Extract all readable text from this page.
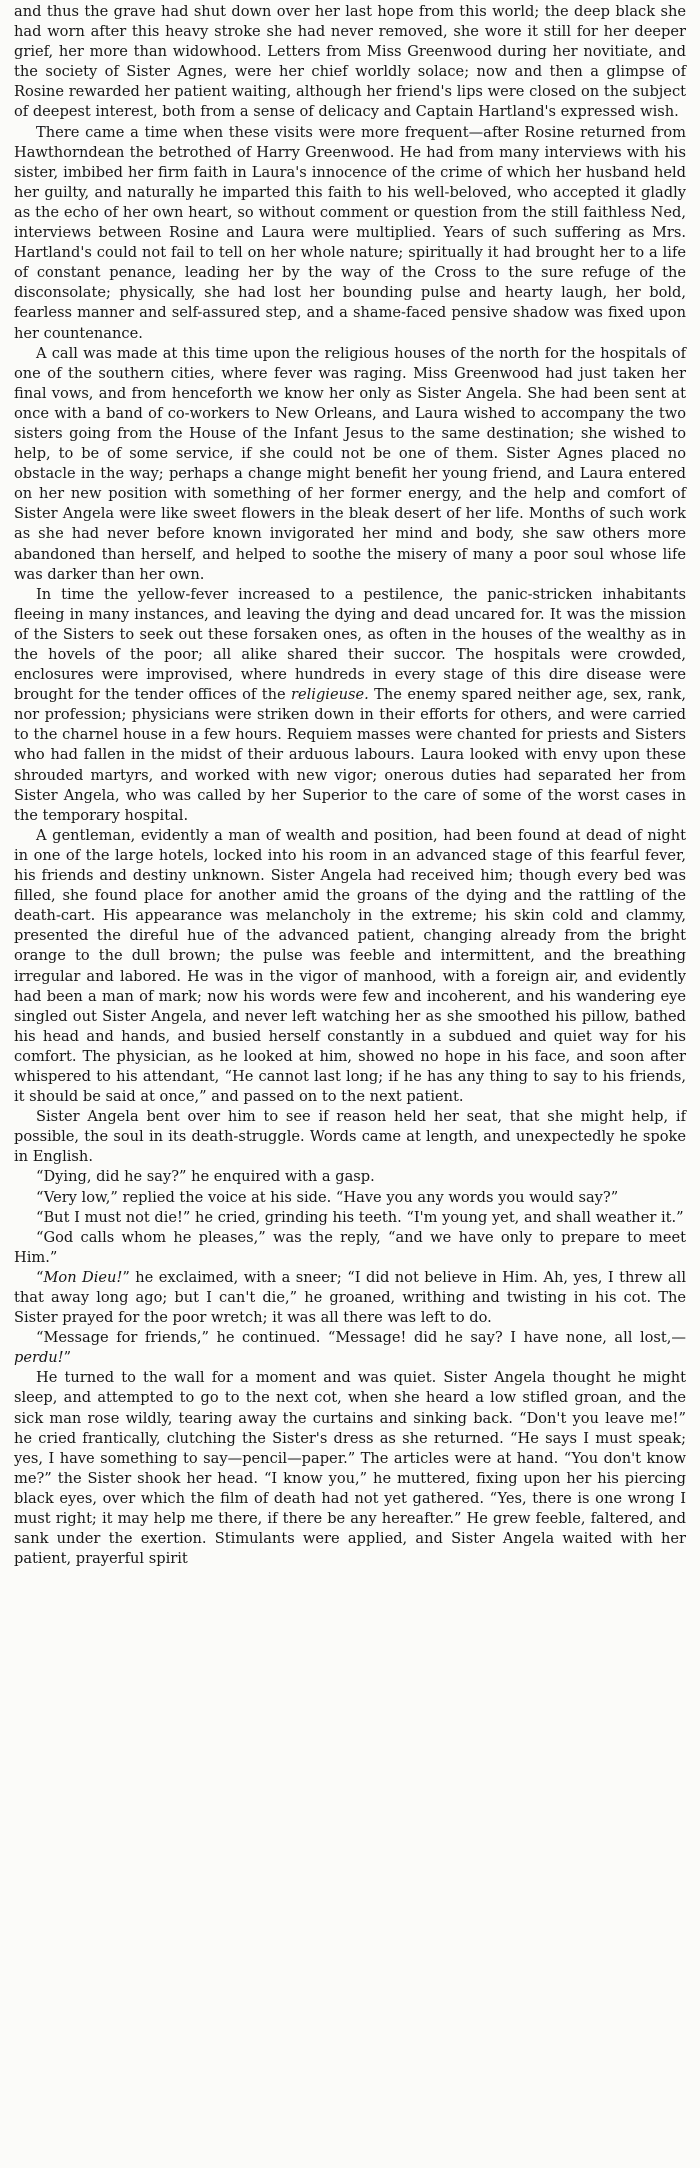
and thus the grave had shut down over her last hope from this world; the deep black she had worn after this heavy stroke she had never removed, she wore it still for her deeper grief, her more than widowhood. Letters from Miss Greenwood during her novitiate, and the society of Sister Agnes, were her chief worldly solace; now and then a glimpse of Rosine rewarded her patient waiting, although her friend's lips were closed on the subject of deepest interest, both from a sense of delicacy and Captain Hartland's expressed wish.

There came a time when these visits were more frequent—after Rosine returned from Hawthorndean the betrothed of Harry Greenwood. He had from many interviews with his sister, imbibed her firm faith in Laura's innocence of the crime of which her husband held her guilty, and naturally he imparted this faith to his well-beloved, who accepted it gladly as the echo of her own heart, so without comment or question from the still faithless Ned, interviews between Rosine and Laura were multiplied. Years of such suffering as Mrs. Hartland's could not fail to tell on her whole nature; spiritually it had brought her to a life of constant penance, leading her by the way of the Cross to the sure refuge of the disconsolate; physically, she had lost her bounding pulse and hearty laugh, her bold, fearless manner and self-assured step, and a shame-faced pensive shadow was fixed upon her countenance.

A call was made at this time upon the religious houses of the north for the hospitals of one of the southern cities, where fever was raging. Miss Greenwood had just taken her final vows, and from henceforth we know her only as Sister Angela. She had been sent at once with a band of co-workers to New Orleans, and Laura wished to accompany the two sisters going from the House of the Infant Jesus to the same destination; she wished to help, to be of some service, if she could not be one of them. Sister Agnes placed no obstacle in the way; perhaps a change might benefit her young friend, and Laura entered on her new position with something of her former energy, and the help and comfort of Sister Angela were like sweet flowers in the bleak desert of her life. Months of such work as she had never before known invigorated her mind and body, she saw others more abandoned than herself, and helped to soothe the misery of many a poor soul whose life was darker than her own.

In time the yellow-fever increased to a pestilence, the panic-stricken inhabitants fleeing in many instances, and leaving the dying and dead uncared for. It was the mission of the Sisters to seek out these forsaken ones, as often in the houses of the wealthy as in the hovels of the poor; all alike shared their succor. The hospitals were crowded, enclosures were improvised, where hundreds in every stage of this dire disease were brought for the tender offices of the religieuse. The enemy spared neither age, sex, rank, nor profession; physicians were striken down in their efforts for others, and were carried to the charnel house in a few hours. Requiem masses were chanted for priests and Sisters who had fallen in the midst of their arduous labours. Laura looked with envy upon these shrouded martyrs, and worked with new vigor; onerous duties had separated her from Sister Angela, who was called by her Superior to the care of some of the worst cases in the temporary hospital.

A gentleman, evidently a man of wealth and position, had been found at dead of night in one of the large hotels, locked into his room in an advanced stage of this fearful fever, his friends and destiny unknown. Sister Angela had received him; though every bed was filled, she found place for another amid the groans of the dying and the rattling of the death-cart. His appearance was melancholy in the extreme; his skin cold and clammy, presented the direful hue of the advanced patient, changing already from the bright orange to the dull brown; the pulse was feeble and intermittent, and the breathing irregular and labored. He was in the vigor of manhood, with a foreign air, and evidently had been a man of mark; now his words were few and incoherent, and his wandering eye singled out Sister Angela, and never left watching her as she smoothed his pillow, bathed his head and hands, and busied herself constantly in a subdued and quiet way for his comfort. The physician, as he looked at him, showed no hope in his face, and soon after whispered to his attendant, “He cannot last long; if he has any thing to say to his friends, it should be said at once,” and passed on to the next patient.

Sister Angela bent over him to see if reason held her seat, that she might help, if possible, the soul in its death-struggle. Words came at length, and unexpectedly he spoke in English.

“Dying, did he say?” he enquired with a gasp.

“Very low,” replied the voice at his side. “Have you any words you would say?”

“But I must not die!” he cried, grinding his teeth. “I'm young yet, and shall weather it.”

“God calls whom he pleases,” was the reply, “and we have only to prepare to meet Him.”

“Mon Dieu!” he exclaimed, with a sneer; “I did not believe in Him. Ah, yes, I threw all that away long ago; but I can't die,” he groaned, writhing and twisting in his cot. The Sister prayed for the poor wretch; it was all there was left to do.

“Message for friends,” he continued. “Message! did he say? I have none, all lost,—perdu!”

He turned to the wall for a moment and was quiet. Sister Angela thought he might sleep, and attempted to go to the next cot, when she heard a low stifled groan, and the sick man rose wildly, tearing away the curtains and sinking back. “Don't you leave me!” he cried frantically, clutching the Sister's dress as she returned. “He says I must speak; yes, I have something to say—pencil—paper.” The articles were at hand. “You don't know me?” the Sister shook her head. “I know you,” he muttered, fixing upon her his piercing black eyes, over which the film of death had not yet gathered. “Yes, there is one wrong I must right; it may help me there, if there be any hereafter.” He grew feeble, faltered, and sank under the exertion. Stimulants were applied, and Sister Angela waited with her patient, prayerful spirit
